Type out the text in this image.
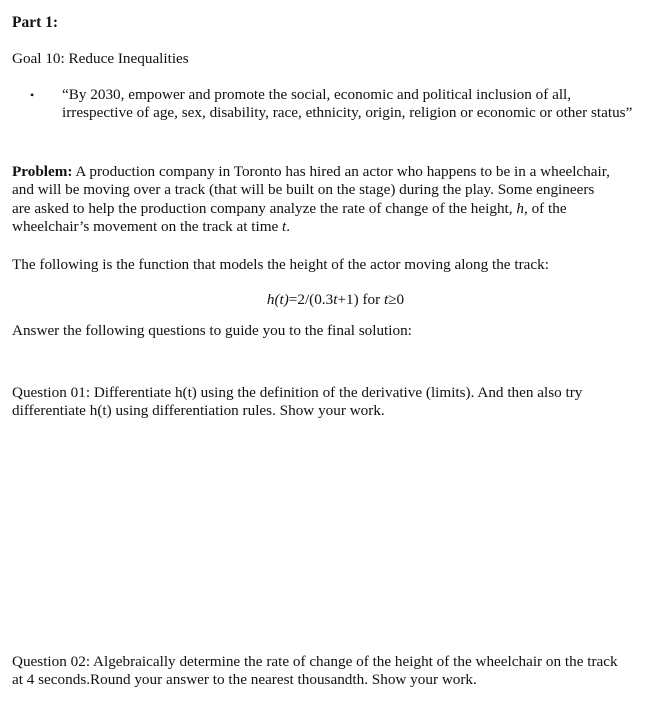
Part 1:

Goal 10: Reduce Inequalities

• “By 2030, empower and promote the social, economic and political inclusion of all, irrespective of age, sex, disability, race, ethnicity, origin, religion or economic or other status”

Problem: A production company in Toronto has hired an actor who happens to be in a wheelchair, and will be moving over a track (that will be built on the stage) during the play. Some engineers are asked to help the production company analyze the rate of change of the height, h, of the wheelchair’s movement on the track at time t.

The following is the function that models the height of the actor moving along the track:

h(t)=2/(0.3t+1) for t≥0

Answer the following questions to guide you to the final solution:

Question 01: Differentiate h(t) using the definition of the derivative (limits). And then also try differentiate h(t) using differentiation rules. Show your work.

Question 02: Algebraically determine the rate of change of the height of the wheelchair on the track at 4 seconds.Round your answer to the nearest thousandth. Show your work.
